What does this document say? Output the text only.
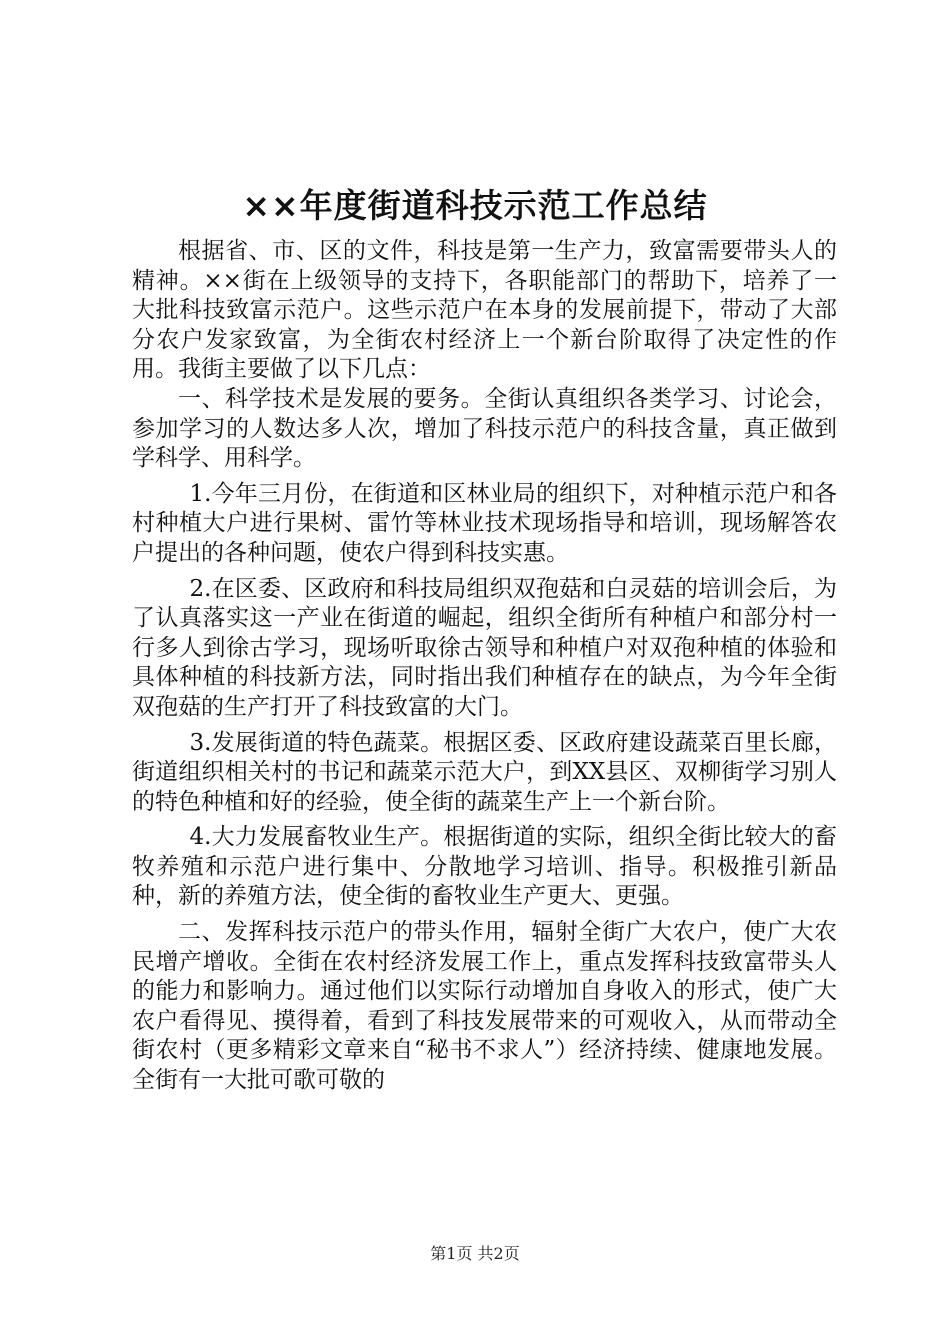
××年度街道科技示范工作总结

根据省、市、区的文件，科技是第一生产力，致富需要带头人的精神。××街在上级领导的支持下，各职能部门的帮助下，培养了一大批科技致富示范户。这些示范户在本身的发展前提下，带动了大部分农户发家致富，为全街农村经济上一个新台阶取得了决定性的作用。我街主要做了以下几点：

一、科学技术是发展的要务。全街认真组织各类学习、讨论会，参加学习的人数达多人次，增加了科技示范户的科技含量，真正做到学科学、用科学。

1.今年三月份，在街道和区林业局的组织下，对种植示范户和各村种植大户进行果树、雷竹等林业技术现场指导和培训，现场解答农户提出的各种问题，使农户得到科技实惠。

2.在区委、区政府和科技局组织双孢菇和白灵菇的培训会后，为了认真落实这一产业在街道的崛起，组织全街所有种植户和部分村一行多人到徐古学习，现场听取徐古领导和种植户对双孢种植的体验和具体种植的科技新方法，同时指出我们种植存在的缺点，为今年全街双孢菇的生产打开了科技致富的大门。

3.发展街道的特色蔬菜。根据区委、区政府建设蔬菜百里长廊，街道组织相关村的书记和蔬菜示范大户，到XX县区、双柳街学习别人的特色种植和好的经验，使全街的蔬菜生产上一个新台阶。

4.大力发展畜牧业生产。根据街道的实际，组织全街比较大的畜牧养殖和示范户进行集中、分散地学习培训、指导。积极推引新品种，新的养殖方法，使全街的畜牧业生产更大、更强。

二、发挥科技示范户的带头作用，辐射全街广大农户，使广大农民增产增收。全街在农村经济发展工作上，重点发挥科技致富带头人的能力和影响力。通过他们以实际行动增加自身收入的形式，使广大农户看得见、摸得着，看到了科技发展带来的可观收入，从而带动全街农村（更多精彩文章来自“秘书不求人”）经济持续、健康地发展。全街有一大批可歌可敬的

第1页 共2页
